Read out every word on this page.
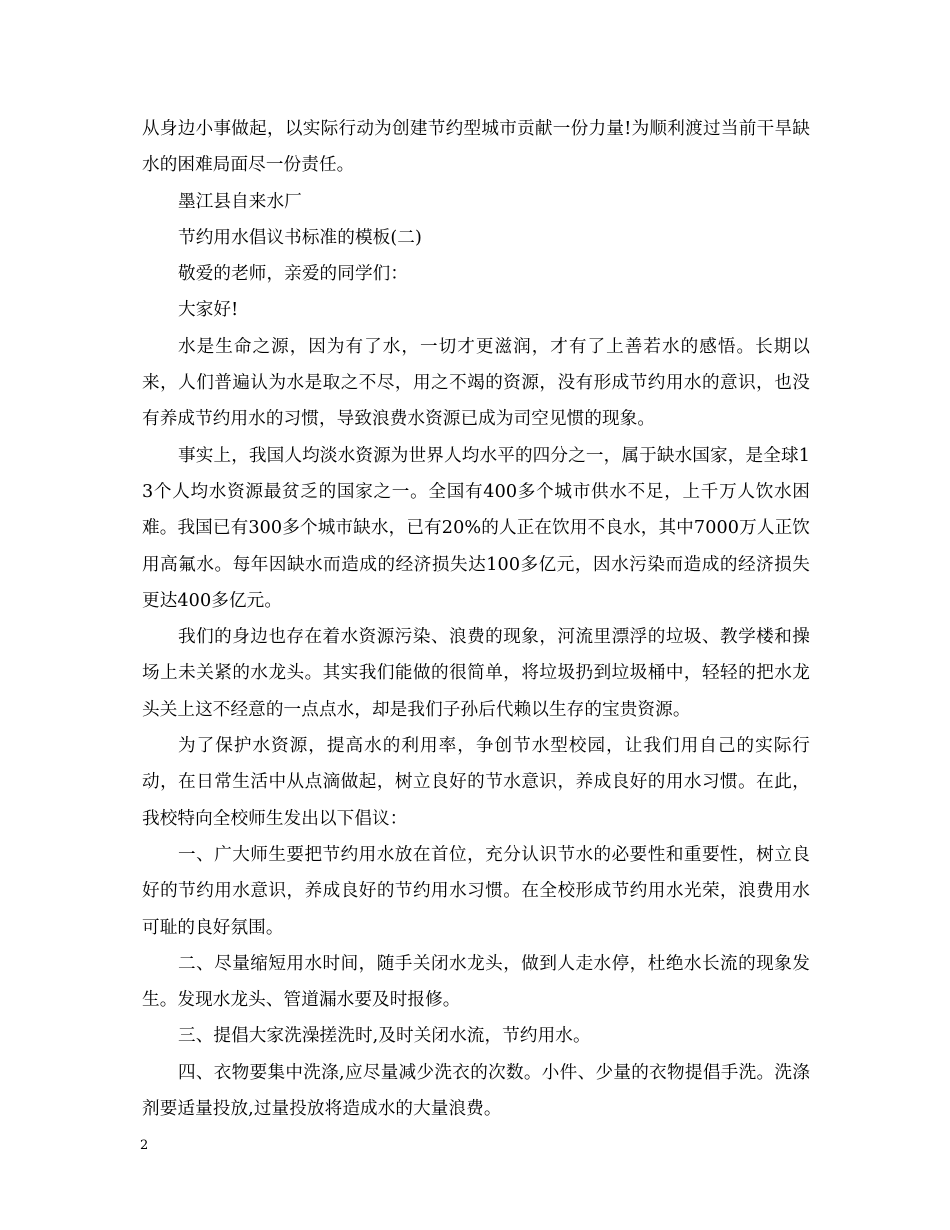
从身边小事做起，以实际行动为创建节约型城市贡献一份力量!为顺利渡过当前干旱缺水的困难局面尽一份责任。

墨江县自来水厂

节约用水倡议书标准的模板(二)

敬爱的老师，亲爱的同学们：

大家好!

水是生命之源，因为有了水，一切才更滋润，才有了上善若水的感悟。长期以来，人们普遍认为水是取之不尽，用之不竭的资源，没有形成节约用水的意识，也没有养成节约用水的习惯，导致浪费水资源已成为司空见惯的现象。

事实上，我国人均淡水资源为世界人均水平的四分之一，属于缺水国家，是全球13个人均水资源最贫乏的国家之一。全国有400多个城市供水不足，上千万人饮水困难。我国已有300多个城市缺水，已有20%的人正在饮用不良水，其中7000万人正饮用高氟水。每年因缺水而造成的经济损失达100多亿元，因水污染而造成的经济损失更达400多亿元。

我们的身边也存在着水资源污染、浪费的现象，河流里漂浮的垃圾、教学楼和操场上未关紧的水龙头。其实我们能做的很简单，将垃圾扔到垃圾桶中，轻轻的把水龙头关上这不经意的一点点水，却是我们子孙后代赖以生存的宝贵资源。

为了保护水资源，提高水的利用率，争创节水型校园，让我们用自己的实际行动，在日常生活中从点滴做起，树立良好的节水意识，养成良好的用水习惯。在此，我校特向全校师生发出以下倡议：

一、广大师生要把节约用水放在首位，充分认识节水的必要性和重要性，树立良好的节约用水意识，养成良好的节约用水习惯。在全校形成节约用水光荣，浪费用水可耻的良好氛围。

二、尽量缩短用水时间，随手关闭水龙头，做到人走水停，杜绝水长流的现象发生。发现水龙头、管道漏水要及时报修。

三、提倡大家洗澡搓洗时,及时关闭水流，节约用水。

四、衣物要集中洗涤,应尽量减少洗衣的次数。小件、少量的衣物提倡手洗。洗涤剂要适量投放,过量投放将造成水的大量浪费。

2
